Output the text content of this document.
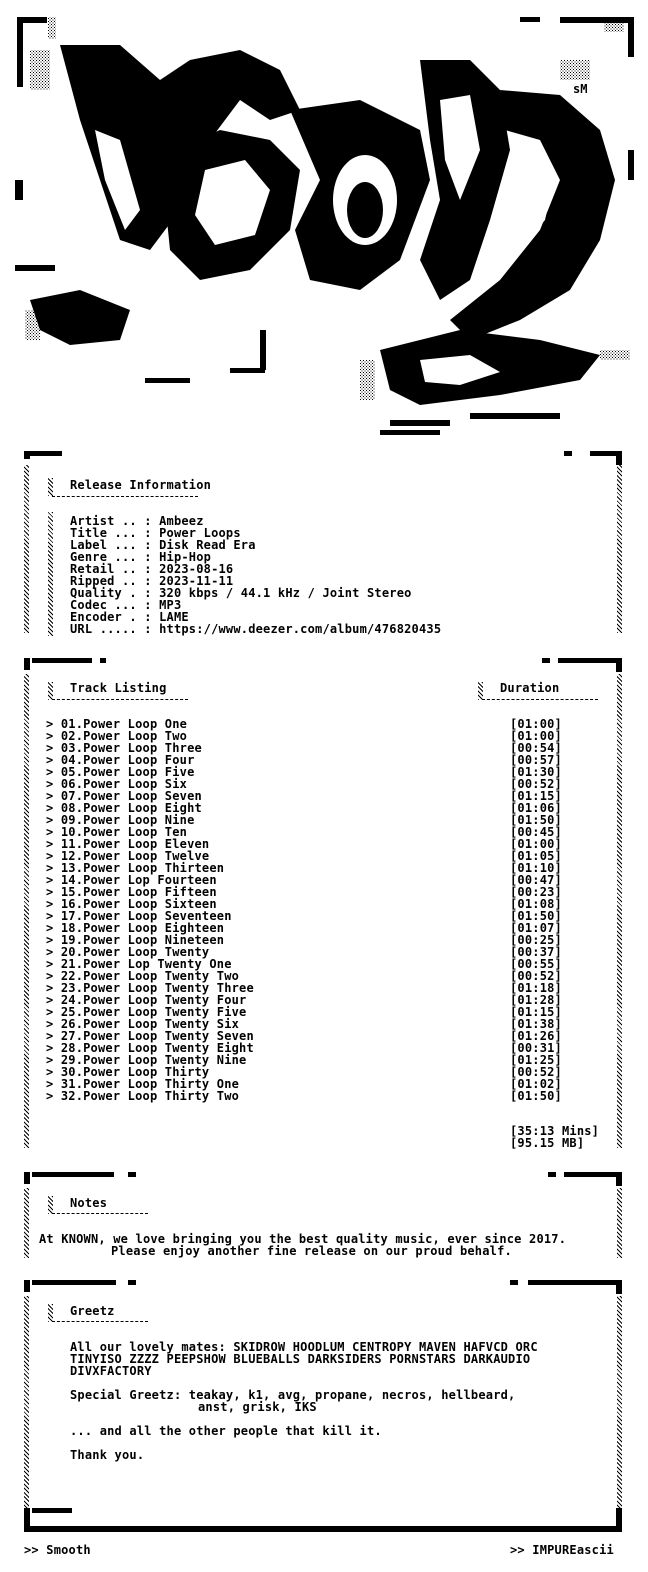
sM
Release Information
Artist .. : Ambeez
Title ... : Power Loops
Label ... : Disk Read Era
Genre ... : Hip-Hop
Retail .. : 2023-08-16
Ripped .. : 2023-11-11
Quality . : 320 kbps / 44.1 kHz / Joint Stereo
Codec ... : MP3
Encoder . : LAME
URL ..... : https://www.deezer.com/album/476820435
Track Listing	Duration
> 01.Power Loop One	[01:00]
> 02.Power Loop Two	[01:00]
> 03.Power Loop Three	[00:54]
> 04.Power Loop Four	[00:57]
> 05.Power Loop Five	[01:30]
> 06.Power Loop Six	[00:52]
> 07.Power Loop Seven	[01:15]
> 08.Power Loop Eight	[01:06]
> 09.Power Loop Nine	[01:50]
> 10.Power Loop Ten	[00:45]
> 11.Power Loop Eleven	[01:00]
> 12.Power Loop Twelve	[01:05]
> 13.Power Loop Thirteen	[01:10]
> 14.Power Lop Fourteen	[00:47]
> 15.Power Loop Fifteen	[00:23]
> 16.Power Loop Sixteen	[01:08]
> 17.Power Loop Seventeen	[01:50]
> 18.Power Loop Eighteen	[01:07]
> 19.Power Loop Nineteen	[00:25]
> 20.Power Loop Twenty	[00:37]
> 21.Power Lop Twenty One	[00:55]
> 22.Power Loop Twenty Two	[00:52]
> 23.Power Loop Twenty Three	[01:18]
> 24.Power Loop Twenty Four	[01:28]
> 25.Power Loop Twenty Five	[01:15]
> 26.Power Loop Twenty Six	[01:38]
> 27.Power Loop Twenty Seven	[01:26]
> 28.Power Loop Twenty Eight	[00:31]
> 29.Power Loop Twenty Nine	[01:25]
> 30.Power Loop Thirty	[00:52]
> 31.Power Loop Thirty One	[01:02]
> 32.Power Loop Thirty Two	[01:50]
[35:13 Mins]
[95.15 MB]
Notes
At KNOWN, we love bringing you the best quality music, ever since 2017.
Please enjoy another fine release on our proud behalf.
Greetz
All our lovely mates: SKIDROW HOODLUM CENTROPY MAVEN HAFVCD ORC
TINYISO ZZZZ PEEPSHOW BLUEBALLS DARKSIDERS PORNSTARS DARKAUDIO
DIVXFACTORY
Special Greetz: teakay, k1, avg, propane, necros, hellbeard,
anst, grisk, IKS
... and all the other people that kill it.
Thank you.
>> Smooth	>> IMPUREascii
